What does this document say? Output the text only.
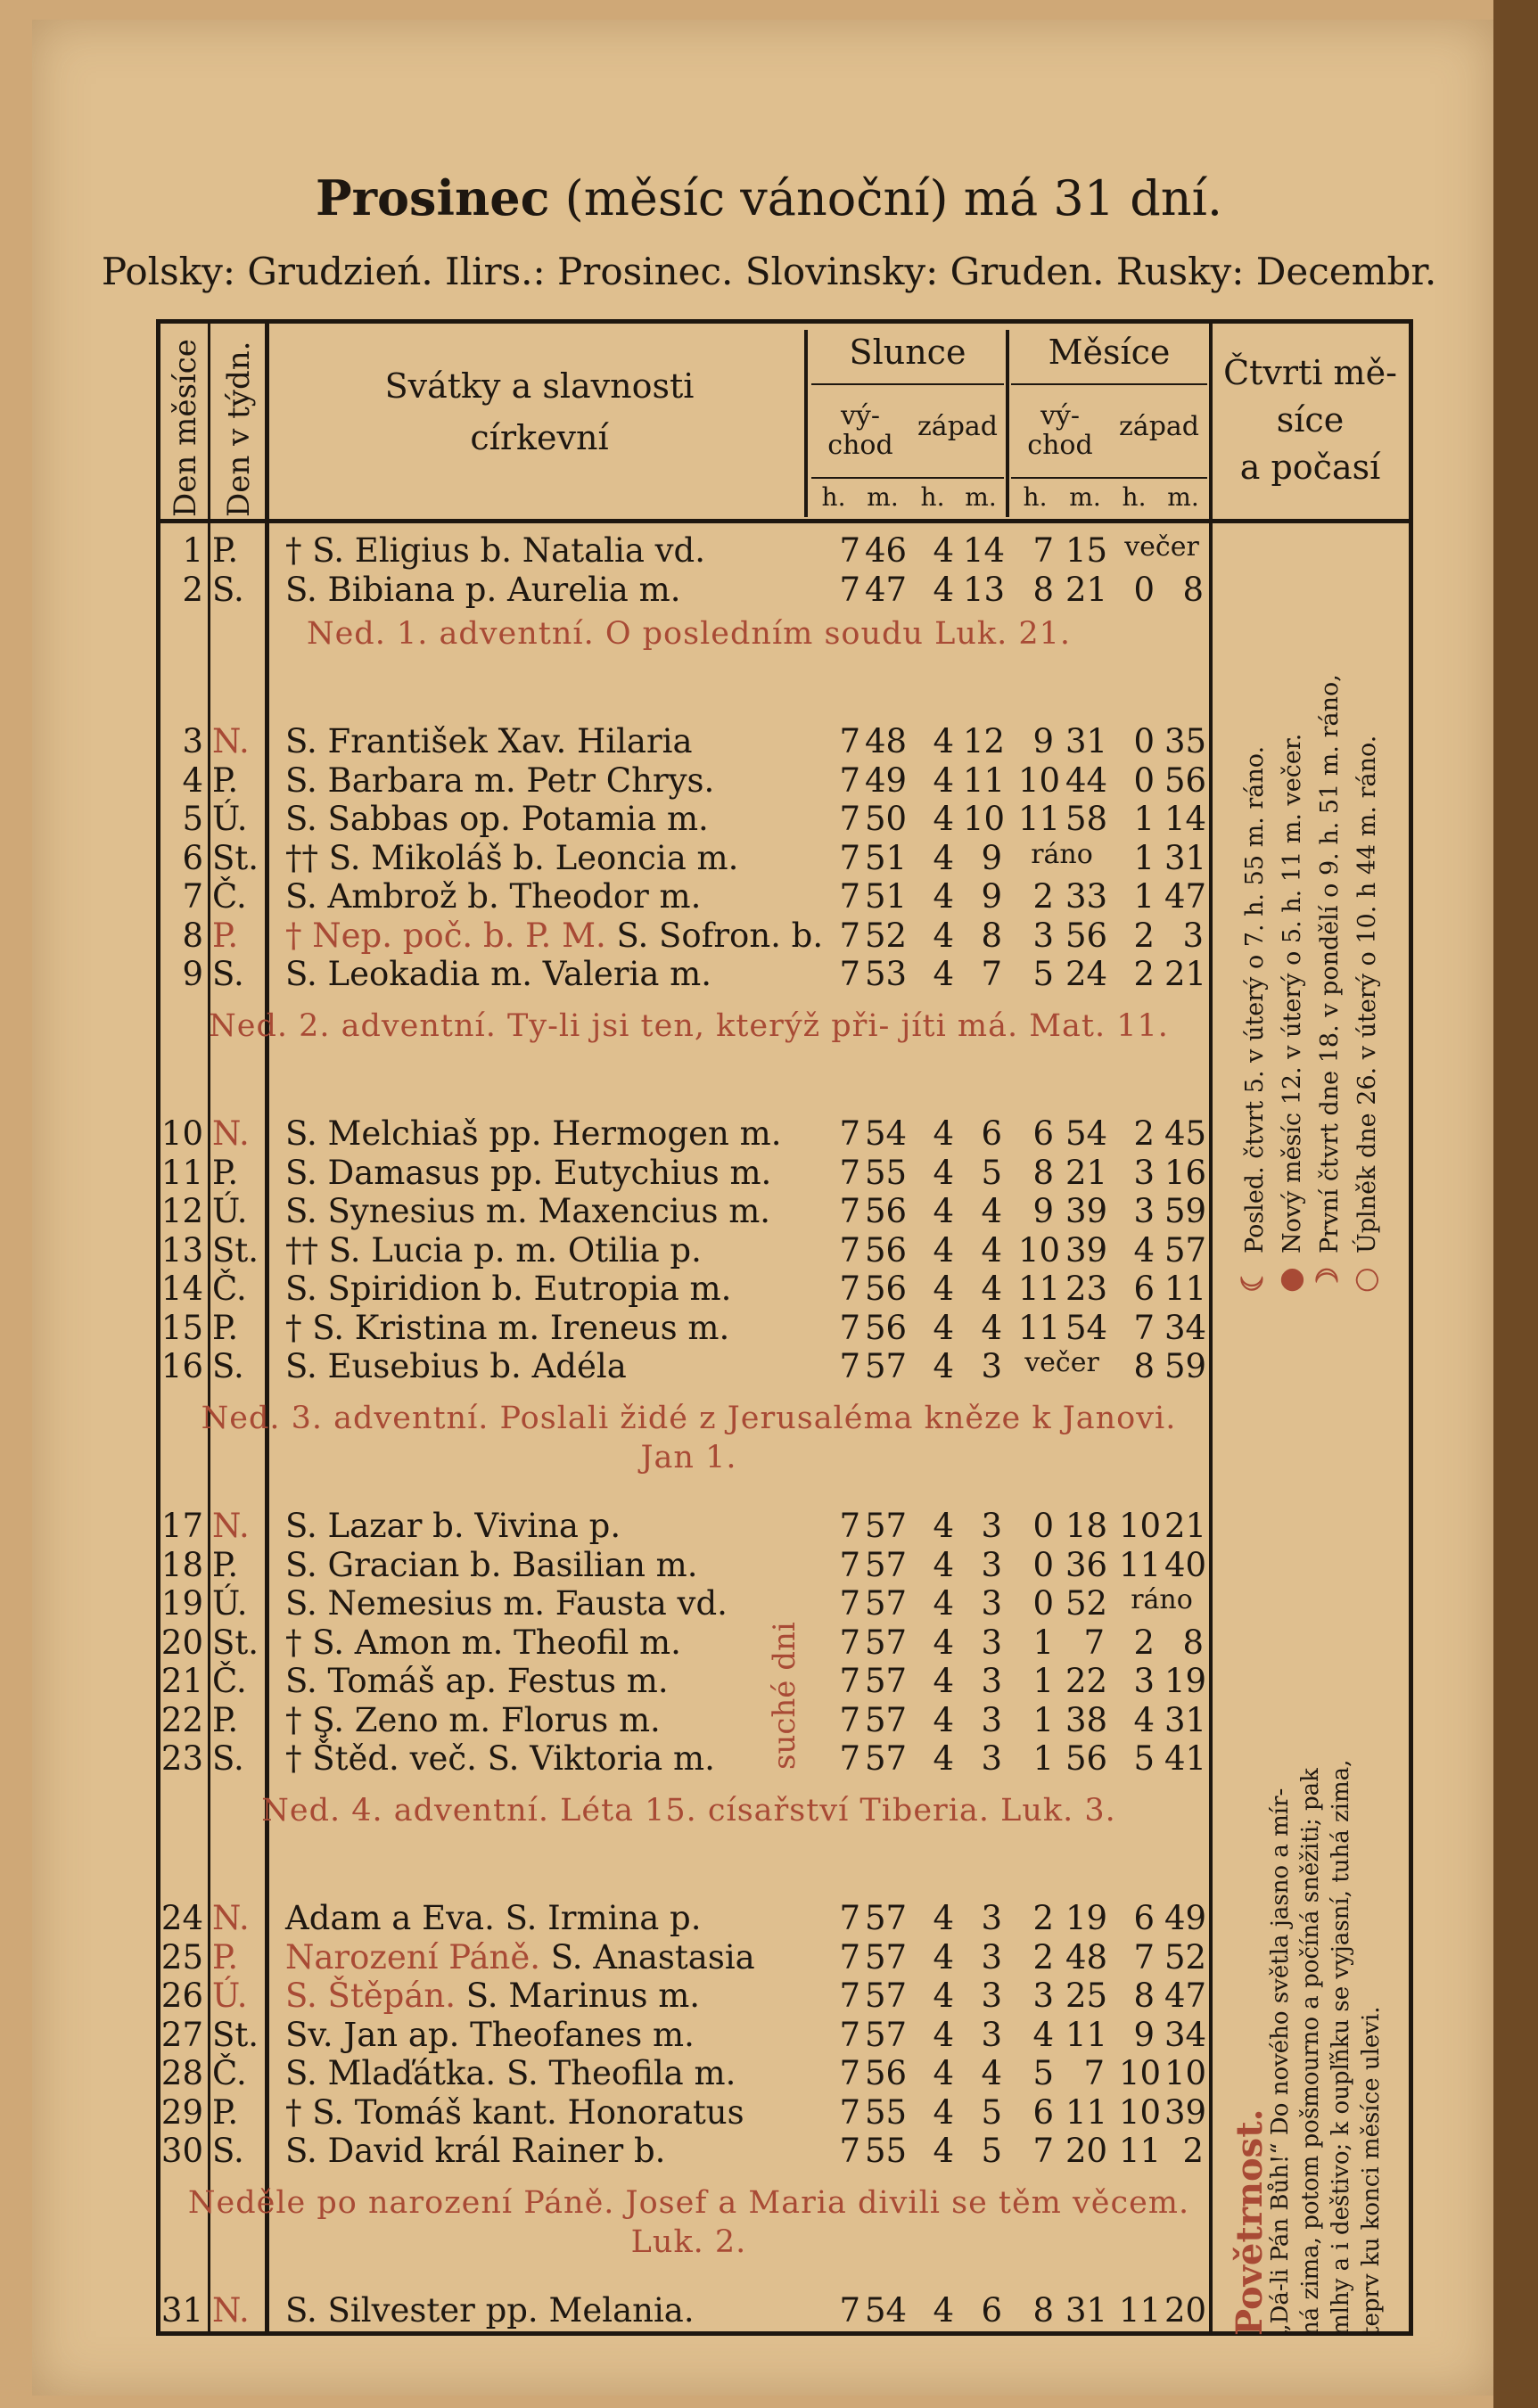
Prosinec (měsíc vánoční) má 31 dní.
Polsky: Grudzień. Ilirs.: Prosinec. Slovinsky: Gruden. Rusky: Decembr.
Den měsíce Den v týdn.	Svátky a slavnosti
církevní
Slunce	Měsíce
vý-
chod
západ	vý-
chod
západ
h. m. h. m.	h. m. h. m.
Čtvrti mě-
síce
a počasí
Ned. 1. adventní. O posledním soudu Luk. 21.
Ned. 2. adventní. Ty-li jsi ten, kterýž při- jíti má. Mat. 11.
Ned. 3. adventní. Poslali židé z Jerusaléma kněze k Janovi. Jan 1.
Ned. 4. adventní. Léta 15. císařství Tiberia. Luk. 3.
Neděle po narození Páně. Josef a Maria divili se těm věcem. Luk. 2.
1 P. † S. Eligius b. Natalia vd.	7 46 4 14 7 15 večer
2 S. S. Bibiana p. Aurelia m.	7 47 4 13 8 21 0 8
3 N. S. František Xav. Hilaria	7 48 4 12 9 31 0 35
4 P. S. Barbara m. Petr Chrys.	7 49 4 11 10 44 0 56
5 Ú. S. Sabbas op. Potamia m.	7 50 4 10 11 58 1 14
6 St. †† S. Mikoláš b. Leoncia m.	7 51 4 9	ráno	1 31
7 Č. S. Ambrož b. Theodor m.	7 51 4 9 2 33 1 47
8 P. † Nep. poč. b. P. M. S. Sofron. b. 7 52 4 8 3 56 2 3
9 S. S. Leokadia m. Valeria m.	7 53 4 7 5 24 2 21
10 N. S. Melchiaš pp. Hermogen m.	7 54 4 6 6 54 2 45
11 P. S. Damasus pp. Eutychius m.	7 55 4 5 8 21 3 16
12 Ú. S. Synesius m. Maxencius m.	7 56 4 4 9 39 3 59
13 St. †† S. Lucia p. m. Otilia p.	7 56 4 4 10 39 4 57
14 Č. S. Spiridion b. Eutropia m.	7 56 4 4 11 23 6 11
15 P. † S. Kristina m. Ireneus m.	7 56 4 4 11 54 7 34
16 S. S. Eusebius b. Adéla	7 57 4 3 večer	8 59
17 N. S. Lazar b. Vivina p.	7 57 4 3 0 18 10 21
18 P. S. Gracian b. Basilian m.	7 57 4 3 0 36 11 40
19 Ú. S. Nemesius m. Fausta vd.	7 57 4 3 0 52 ráno
20 St. † S. Amon m. Theofil m.	7 57 4 3 1 7 2 8
21 Č. S. Tomáš ap. Festus m.	7 57 4 3 1 22 3 19
22 P. † Ş. Zeno m. Florus m.	7 57 4 3 1 38 4 31
23 S. † Štěd. več. S. Viktoria m.	7 57 4 3 1 56 5 41
24 N. Adam a Eva. S. Irmina p.	7 57 4 3 2 19 6 49
25 P. Narození Páně. S. Anastasia	7 57 4 3 2 48 7 52
26 Ú. S. Štěpán. S. Marinus m.	7 57 4 3 3 25 8 47
27 St. Sv. Jan ap. Theofanes m.	7 57 4 3 4 11 9 34
28 Č. S. Mlaďátka. S. Theofila m.	7 56 4 4 5 7 10 10
29 P. † S. Tomáš kant. Honoratus	7 55 4 5 6 11 10 39
30 S. S. David král Rainer b.	7 55 4 5 7 20 11 2
31 N. S. Silvester pp. Melania.	7 54 4 6 8 31 11 20
suché dni
☾Posled. čtvrt 5. v úterý o 7. h. 55 m. ráno.
●Nový měsíc 12. v úterý o 5. h. 11 m. večer.
☽První čtvrt dne 18. v pondělí o 9. h. 51 m. ráno,
○Úplněk dne 26. v úterý o 10. h 44 m. ráno.
Povětrnost.
„Dá-li Pán Bůh!“ Do nového světla jasno a mír- ná zima, potom pošmourno a počíná sněžiti; pak mlhy a i deštivo; k oupľňku se vyjasní, tuhá zima, teprv ku konci měsíce ulevi.
